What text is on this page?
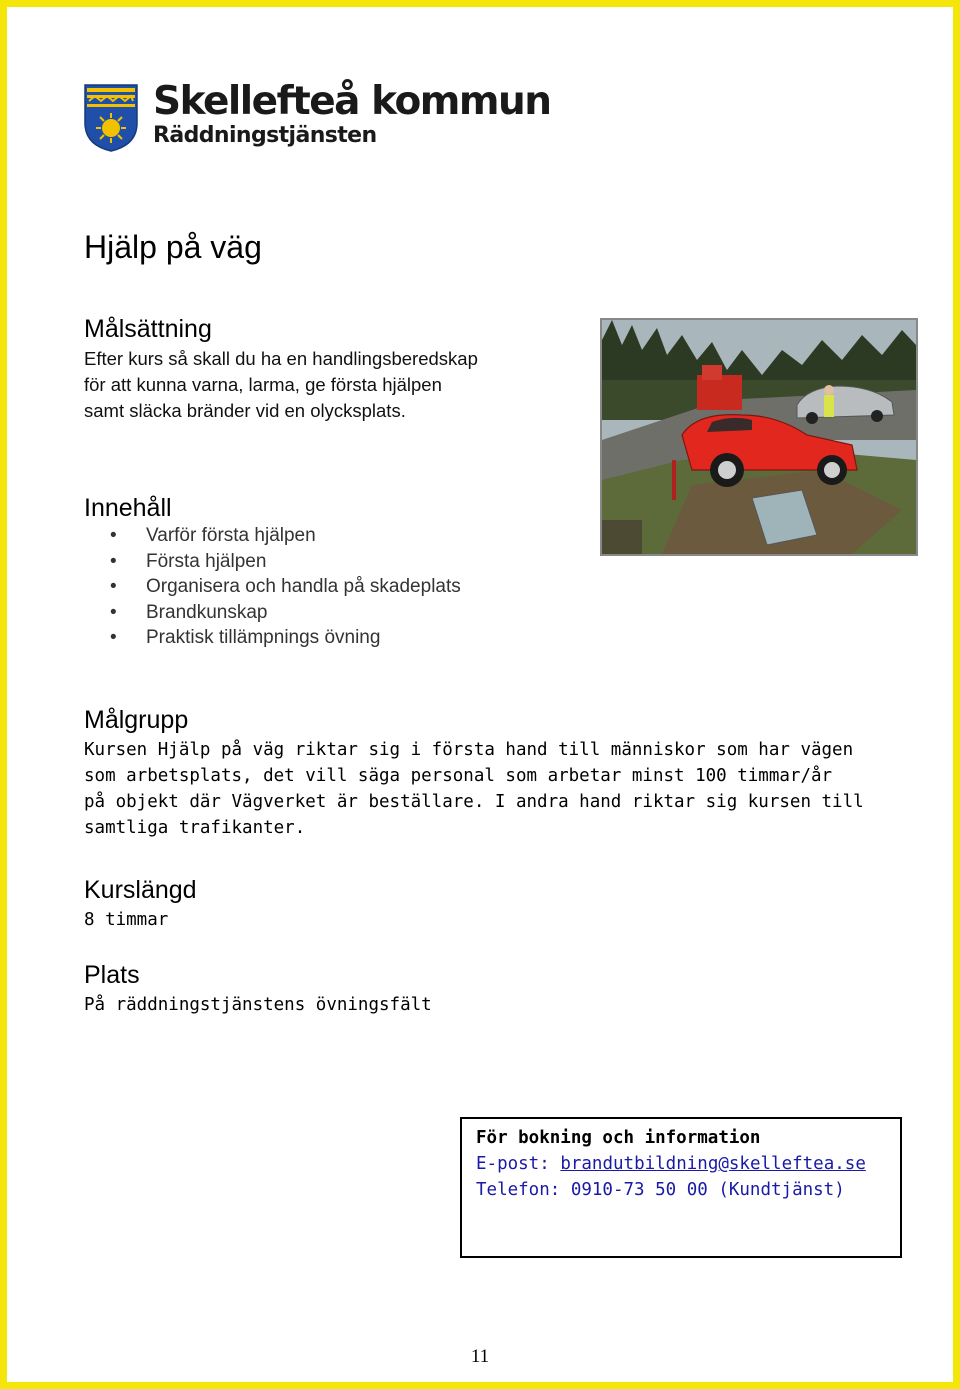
Skellefteå kommun
Räddningstjänsten
Hjälp på väg
Målsättning
Efter kurs så skall du ha en handlingsberedskap
för att kunna varna, larma, ge första hjälpen
samt släcka bränder vid en olycksplats.
Innehåll
• Varför första hjälpen
• Första hjälpen
• Organisera och handla på skadeplats
• Brandkunskap
• Praktisk tillämpnings övning
Målgrupp
Kursen Hjälp på väg riktar sig i första hand till människor som har vägen
som arbetsplats, det vill säga personal som arbetar minst 100 timmar/år
på objekt där Vägverket är beställare. I andra hand riktar sig kursen till
samtliga trafikanter.
Kurslängd
8 timmar
Plats
På räddningstjänstens övningsfält
För bokning och information
E-post: brandutbildning@skelleftea.se
Telefon: 0910-73 50 00 (Kundtjänst)
11
